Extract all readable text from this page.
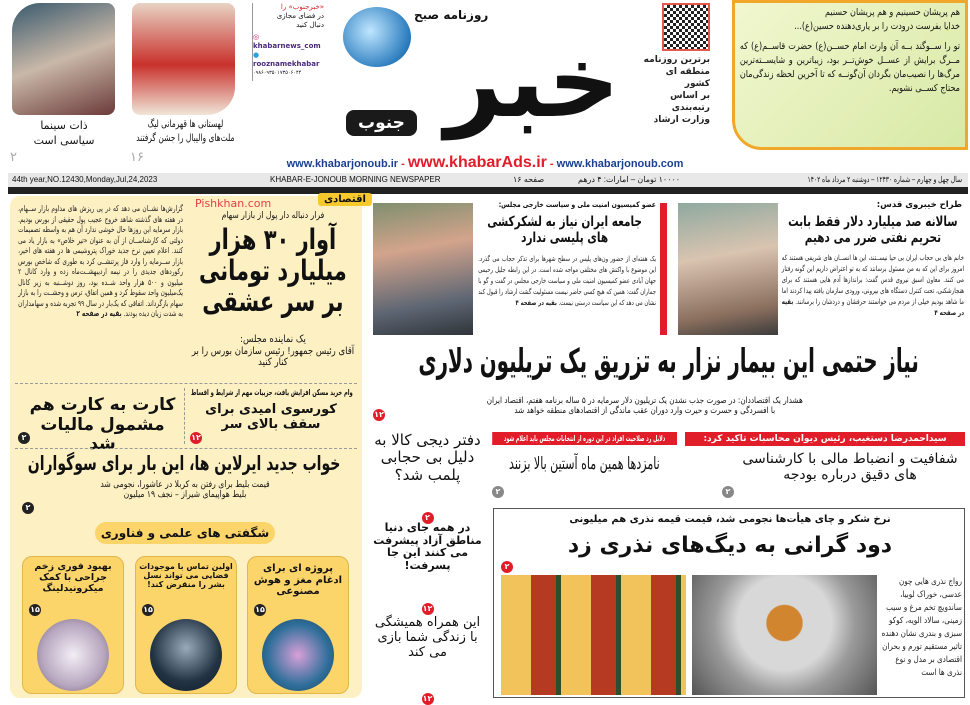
ذات سینما
سیاسی است
۲
لهستانی ها قهرمانی لیگ
ملت‌های والیبال را جشن گرفتند
۱۶
«خبرجنوب» را
در فضای مجازی
دنبال کنید
◎ khabarnews_com
● rooznamekhabar
۰۹۸۶۰۹۳۵۰۱۷۳۵۰۶۰۴۴
روزنامه صبح
خبر
جنوب
برترین روزنامه
منطقه ای کشور
بر اساس
رتبه‌بندی
وزارت ارشاد
هم پریشان حسینیم و هم پریشان حسنیم
خدایا بفرست درودت را بر یاری‌دهنده حسین(ع)...
تو را ســوگند بــه آن وارث امام حســن(ع) حضرت قاســم(ع) که مــرگ برایش از عســل خوش‌تــر بود، زیباترین و شایســته‌ترین مرگ‌ها را نصیب‌مان بگردان آن‌گونــه که تا آخرین لحظه زندگی‌مان محتاج کســی نشویم.
www.khabarjonoub.ir - www.khabarAds.ir - www.khabarjonoub.com
44th year,NO.12430,Monday,Jul,24,2023	KHABAR-E-JONOUB MORNING NEWSPAPER	۱۶ صفحه	۱۰۰۰۰ تومان – امارات: ۴ درهم	سال چهل و چهارم – شماره ۱۲۴۳۰ – دوشنبه ۲ مرداد ماه ۱۴۰۲
اقتصادی
Pishkhan.com
فرار دنباله دار پول از بازار سهام
آوار ۳۰ هزار میلیارد تومانی بر سر عشقی
یک نماینده مجلس:
آقای رئیس جمهور! رئیس سازمان بورس را بر کنار کنید
گزارش‌ها نشــان می دهد که در پی ریزش های مداوم بازار ســهام، در هفته های گذشته شاهد خروج عجیب پول حقیقی از بورس بودیم. بازار سرمایه این روزها حال خوشی ندارد آن هم به واسطه تصمیمات دولتی که کارشناســان از آن به عنوان «تیر خلاص» به بازار یاد می کنند. اعلام تعیین نرخ جدید خوراک پتروشیمی ها در هفته های اخیر، بازار ســرمایه را وارد فاز پرتنشــی کرد به طوری که شاخص بورس رکوردهای جدیدی را در نیمه اردیبهشــت‌ماه زده و وارد کانال ۲ میلیون و ۵۰۰ هزار واحد شــده بود، روز دوشــنبه به زیر کانال یک‌میلیون واحد سقوط کرد و همین اتفاق، ترس و وحشــت را به بازار سهام بازگرداند. اتفاقی که یک‌بار در سال ۹۹ تجربه شده و سهامداران به شدت زیان دیده بودند. بقیه در صفحه ۲
وام خرید مسکن افزایش یافت، جزییات مهم از شرایط و اقساط
کورسوی امیدی برای سقف بالای سر
۱۲
کارت به کارت هم مشمول مالیات شد
۲
خواب جدید ایرلاین ها، این بار برای سوگواران
قیمت بلیط برای رفتن به کربلا در عاشورا، نجومی شد
بلیط هواپیمای شیراز – نجف ۱۹ میلیون
۲
شگفتی های علمی و فناوری
پروژه ای برای ادغام مغز و هوش مصنوعی
۱۵
اولین تماس با موجودات فضایی می تواند نسل بشر را منقرض کند!
۱۵
بهبود فوری زخم جراحی با کمک میکرونیدلینگ
۱۵
طراح خیبروی قدس:
سالانه صد میلیارد دلار فقط بابت تحریم نفتی ضرر می دهیم
خانم های بی حجاب ایران بی حیا نیســتند، این ها انســان های شریفی هستند که امروز برای این که به من مسئول برسانند که به تو اعتراض داریم این گونه رفتار می کنند. معاون اسبق نیروی قدس گفت: براندازها آدم هایی هستند که برای هنجارشکنی، تحت کنترل دستگاه های بیرونی، ورودی سازمان یافته پیدا کردند اما ما شاهد بودیم خیلی از مردم می خواستند حرفشان و دردشان را برسانند. بقیه در صفحه ۴
عضو کمیسیون امنیت ملی و سیاست خارجی مجلس:
جامعه ایران نیاز به لشکرکشی های پلیسی ندارد
یک هفته‌ای از حضور ون‌های پلیس در سطح شهرها برای تذکر حجاب می گذرد. این موضوع با واکنش های مختلفی مواجه شده است. در این رابطه جلیل رحیمی جهان آبادی عضو کمیسیون امنیت ملی و سیاست خارجی مجلس در گفت و گو با جماران گفت: همین که هیچ کسی حاضر نیست مسئولیت گشت ارشاد را قبول کند نشان می دهد که این سیاست درستی نیست. بقیه در صفحه ۴
نیاز حتمی این بیمار نزار به تزریق یک تریلیون دلاری
هشدار یک اقتصاددان: در صورت جذب نشدن یک تریلیون دلار سرمایه در ۵ ساله برنامه هفتم، اقتصاد ایران
با افسردگی و حسرت و حیرت وارد دوران عقب ماندگی از اقتصادهای منطقه خواهد شد
۱۲
سیداحمدرضا دستغیب، رئیس دیوان محاسبات تاکید کرد:
شفافیت و انضباط مالی با کارشناسی های دقیق درباره بودجه
۲
دلایل رد صلاحیت افراد در این دوره از انتخابات مجلس باید اعلام شود
نامزدها همین ماه آستین بالا بزنند
۲
دفتر دیجی کالا به دلیل بی حجابی پلمب شد؟
۲
در همه جای دنیا مناطق آزاد پیشرفت می کنند این جا پسرفت!
۱۲
این همراه همیشگی با زندگی شما بازی می کند
۱۲
نرخ شکر و چای هیأت‌ها نجومی شد، قیمت قیمه نذری هم میلیونی
دود گرانی به دیگ‌های نذری زد
۲
رواج نذری هایی چون عدسی، خوراک لوبیا، ساندویچ تخم مرغ و سیب زمینی، سالاد الویه، کوکو سبزی و بندری نشان دهنده تاثیر مستقیم تورم و بحران اقتصادی بر مدل و نوع نذری ها است
